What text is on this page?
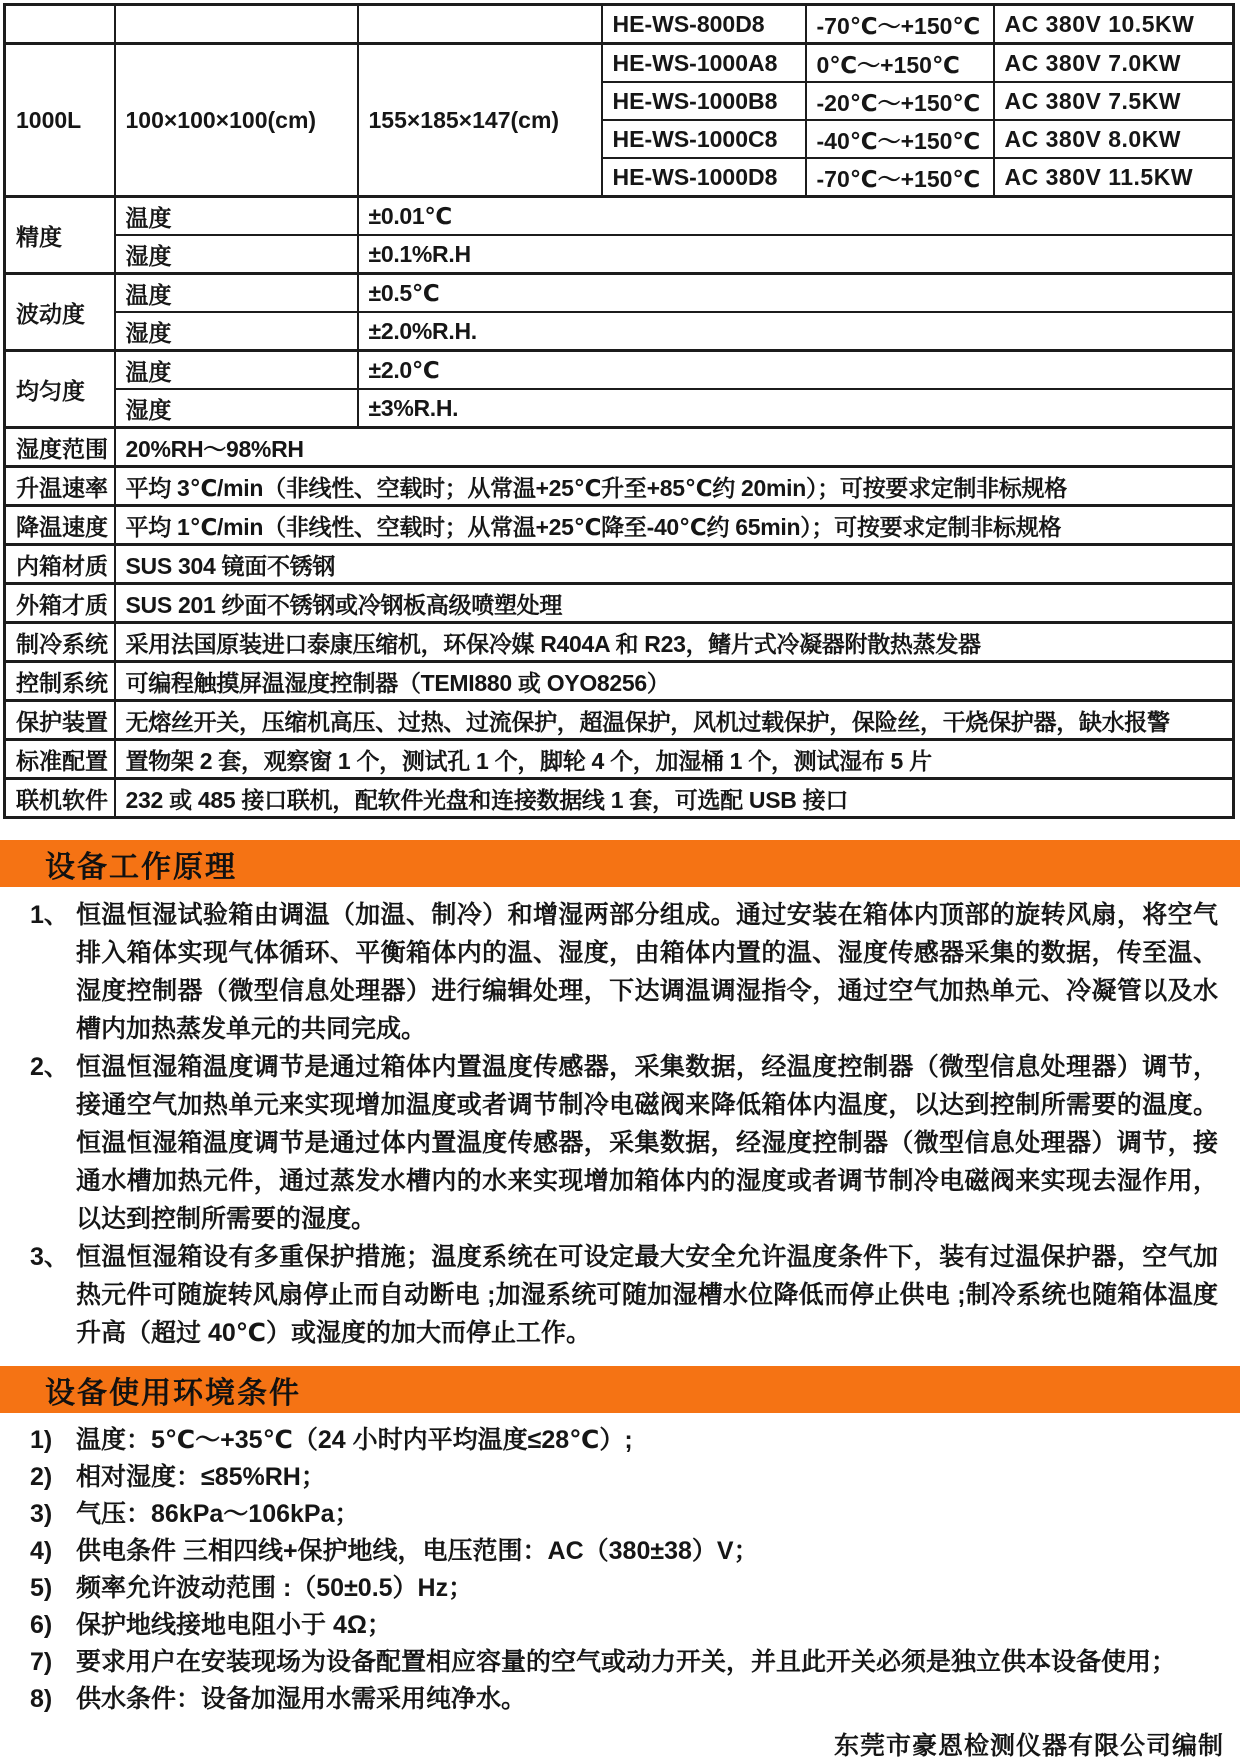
			HE-WS-800D8	-70℃～+150℃	AC 380V 10.5KW
1000L	100×100×100(cm)	155×185×147(cm)	HE-WS-1000A8	0℃～+150℃	AC 380V 7.0KW
			HE-WS-1000B8	-20℃～+150℃	AC 380V 7.5KW
			HE-WS-1000C8	-40℃～+150℃	AC 380V 8.0KW
			HE-WS-1000D8	-70℃～+150℃	AC 380V 11.5KW
精度	温度	±0.01℃			
	湿度	±0.1%R.H			
波动度	温度	±0.5℃			
	湿度	±2.0%R.H.			
均匀度	温度	±2.0℃			
	湿度	±3%R.H.			
湿度范围	20%RH～98%RH				
升温速率	平均 3℃/min（非线性、空载时；从常温+25℃升至+85℃约 20min）；可按要求定制非标规格				
降温速度	平均 1℃/min（非线性、空载时；从常温+25℃降至-40℃约 65min）；可按要求定制非标规格				
内箱材质	SUS 304 镜面不锈钢				
外箱才质	SUS 201 纱面不锈钢或冷钢板高级喷塑处理				
制冷系统	采用法国原装进口泰康压缩机，环保冷媒 R404A 和 R23，鳍片式冷凝器附散热蒸发器				
控制系统	可编程触摸屏温湿度控制器（TEMI880 或 OYO8256）				
保护装置	无熔丝开关，压缩机高压、过热、过流保护，超温保护，风机过载保护，保险丝，干烧保护器，缺水报警				
标准配置	置物架 2 套，观察窗 1 个，测试孔 1 个，脚轮 4 个，加湿桶 1 个，测试湿布 5 片				
联机软件	232 或 485 接口联机，配软件光盘和连接数据线 1 套，可选配 USB 接口				
设备工作原理
1、 恒温恒湿试验箱由调温（加温、制冷）和增湿两部分组成。通过安装在箱体内顶部的旋转风扇，将空气排入箱体实现气体循环、平衡箱体内的温、湿度，由箱体内置的温、湿度传感器采集的数据，传至温、湿度控制器（微型信息处理器）进行编辑处理，下达调温调湿指令，通过空气加热单元、冷凝管以及水槽内加热蒸发单元的共同完成。
2、 恒温恒湿箱温度调节是通过箱体内置温度传感器，采集数据，经温度控制器（微型信息处理器）调节，接通空气加热单元来实现增加温度或者调节制冷电磁阀来降低箱体内温度，以达到控制所需要的温度。恒温恒湿箱温度调节是通过体内置温度传感器，采集数据，经湿度控制器（微型信息处理器）调节，接通水槽加热元件，通过蒸发水槽内的水来实现增加箱体内的湿度或者调节制冷电磁阀来实现去湿作用，以达到控制所需要的湿度。
3、 恒温恒湿箱设有多重保护措施；温度系统在可设定最大安全允许温度条件下，装有过温保护器，空气加热元件可随旋转风扇停止而自动断电 ;加湿系统可随加湿槽水位降低而停止供电 ;制冷系统也随箱体温度升高（超过 40℃）或湿度的加大而停止工作。
设备使用环境条件
1) 温度：5℃～+35℃（24 小时内平均温度≤28℃）;
2) 相对湿度：≤85%RH；
3) 气压：86kPa～106kPa；
4) 供电条件 三相四线+保护地线，电压范围：AC（380±38）V；
5) 频率允许波动范围 :（50±0.5）Hz；
6) 保护地线接地电阻小于 4Ω；
7) 要求用户在安装现场为设备配置相应容量的空气或动力开关，并且此开关必须是独立供本设备使用；
8) 供水条件：设备加湿用水需采用纯净水。
东莞市豪恩检测仪器有限公司编制
